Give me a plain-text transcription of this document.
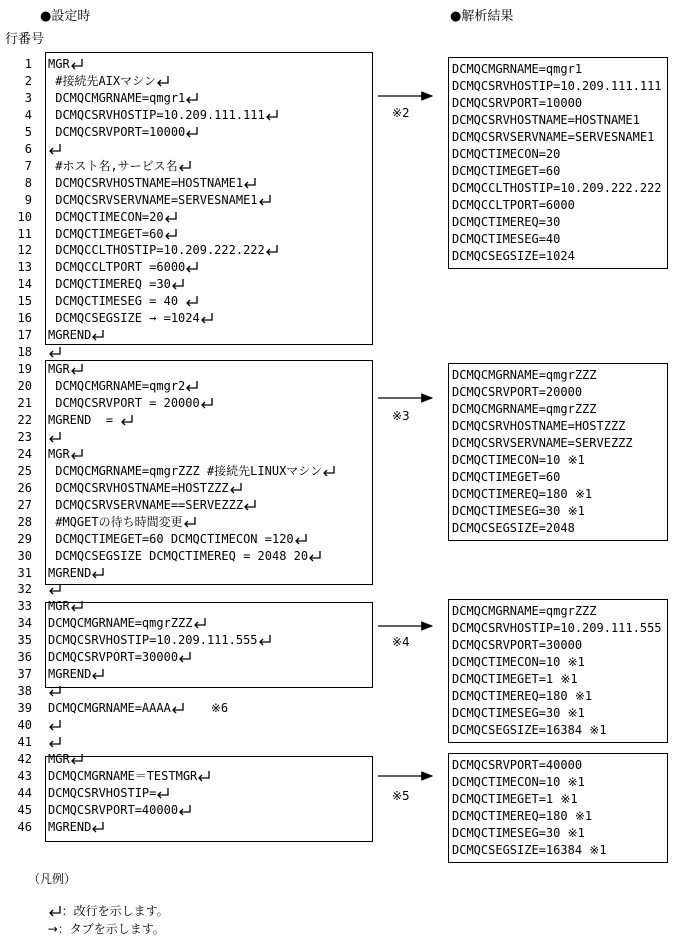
●設定時	●解析結果
行番号
1 MGR
2 #接続先AIXマシン
3 DCMQCMGRNAME=qmgr1
4 DCMQCSRVHOSTIP=10.209.111.111
5 DCMQCSRVPORT=10000
6
7 #ホスト名,サービス名
8 DCMQCSRVHOSTNAME=HOSTNAME1
9 DCMQCSRVSERVNAME=SERVESNAME1
10 DCMQCTIMECON=20
11 DCMQCTIMEGET=60
12 DCMQCCLTHOSTIP=10.209.222.222
13 DCMQCCLTPORT =6000
14 DCMQCTIMEREQ =30
15 DCMQCTIMESEG = 40
16 DCMQCSEGSIZE → =1024
17 MGREND
18
19 MGR
20 DCMQCMGRNAME=qmgr2
21 DCMQCSRVPORT = 20000
22 MGREND  =
23
24 MGR
25 DCMQCMGRNAME=qmgrZZZ #接続先LINUXマシン
26 DCMQCSRVHOSTNAME=HOSTZZZ
27 DCMQCSRVSERVNAME==SERVEZZZ
28 #MQGETの待ち時間変更
29 DCMQCTIMEGET=60 DCMQCTIMECON =120
30 DCMQCSEGSIZE DCMQCTIMEREQ = 2048 20
31 MGREND
32
33 MGR
34 DCMQCMGRNAME=qmgrZZZ
35 DCMQCSRVHOSTIP=10.209.111.555
36 DCMQCSRVPORT=30000
37 MGREND
38
39 DCMQCMGRNAME=AAAA	※6
40
41
42 MGR
43 DCMQCMGRNAME＝TESTMGR
44 DCMQCSRVHOSTIP=
45 DCMQCSRVPORT=40000
46 MGREND
DCMQCMGRNAME=qmgr1
DCMQCSRVHOSTIP=10.209.111.111
DCMQCSRVPORT=10000
DCMQCSRVHOSTNAME=HOSTNAME1
DCMQCSRVSERVNAME=SERVESNAME1
DCMQCTIMECON=20
DCMQCTIMEGET=60
DCMQCCLTHOSTIP=10.209.222.222
DCMQCCLTPORT=6000
DCMQCTIMEREQ=30
DCMQCTIMESEG=40
DCMQCSEGSIZE=1024
DCMQCMGRNAME=qmgrZZZ
DCMQCSRVPORT=20000
DCMQCMGRNAME=qmgrZZZ
DCMQCSRVHOSTNAME=HOSTZZZ
DCMQCSRVSERVNAME=SERVEZZZ
DCMQCTIMECON=10 ※1
DCMQCTIMEGET=60
DCMQCTIMEREQ=180 ※1
DCMQCTIMESEG=30 ※1
DCMQCSEGSIZE=2048
DCMQCMGRNAME=qmgrZZZ
DCMQCSRVHOSTIP=10.209.111.555
DCMQCSRVPORT=30000
DCMQCTIMECON=10 ※1
DCMQCTIMEGET=1 ※1
DCMQCTIMEREQ=180 ※1
DCMQCTIMESEG=30 ※1
DCMQCSEGSIZE=16384 ※1
DCMQCSRVPORT=40000
DCMQCTIMECON=10 ※1
DCMQCTIMEGET=1 ※1
DCMQCTIMEREQ=180 ※1
DCMQCTIMESEG=30 ※1
DCMQCSEGSIZE=16384 ※1
※2
※3
※4
※5
（凡例）

：改行を示します。

→：タブを示します。
